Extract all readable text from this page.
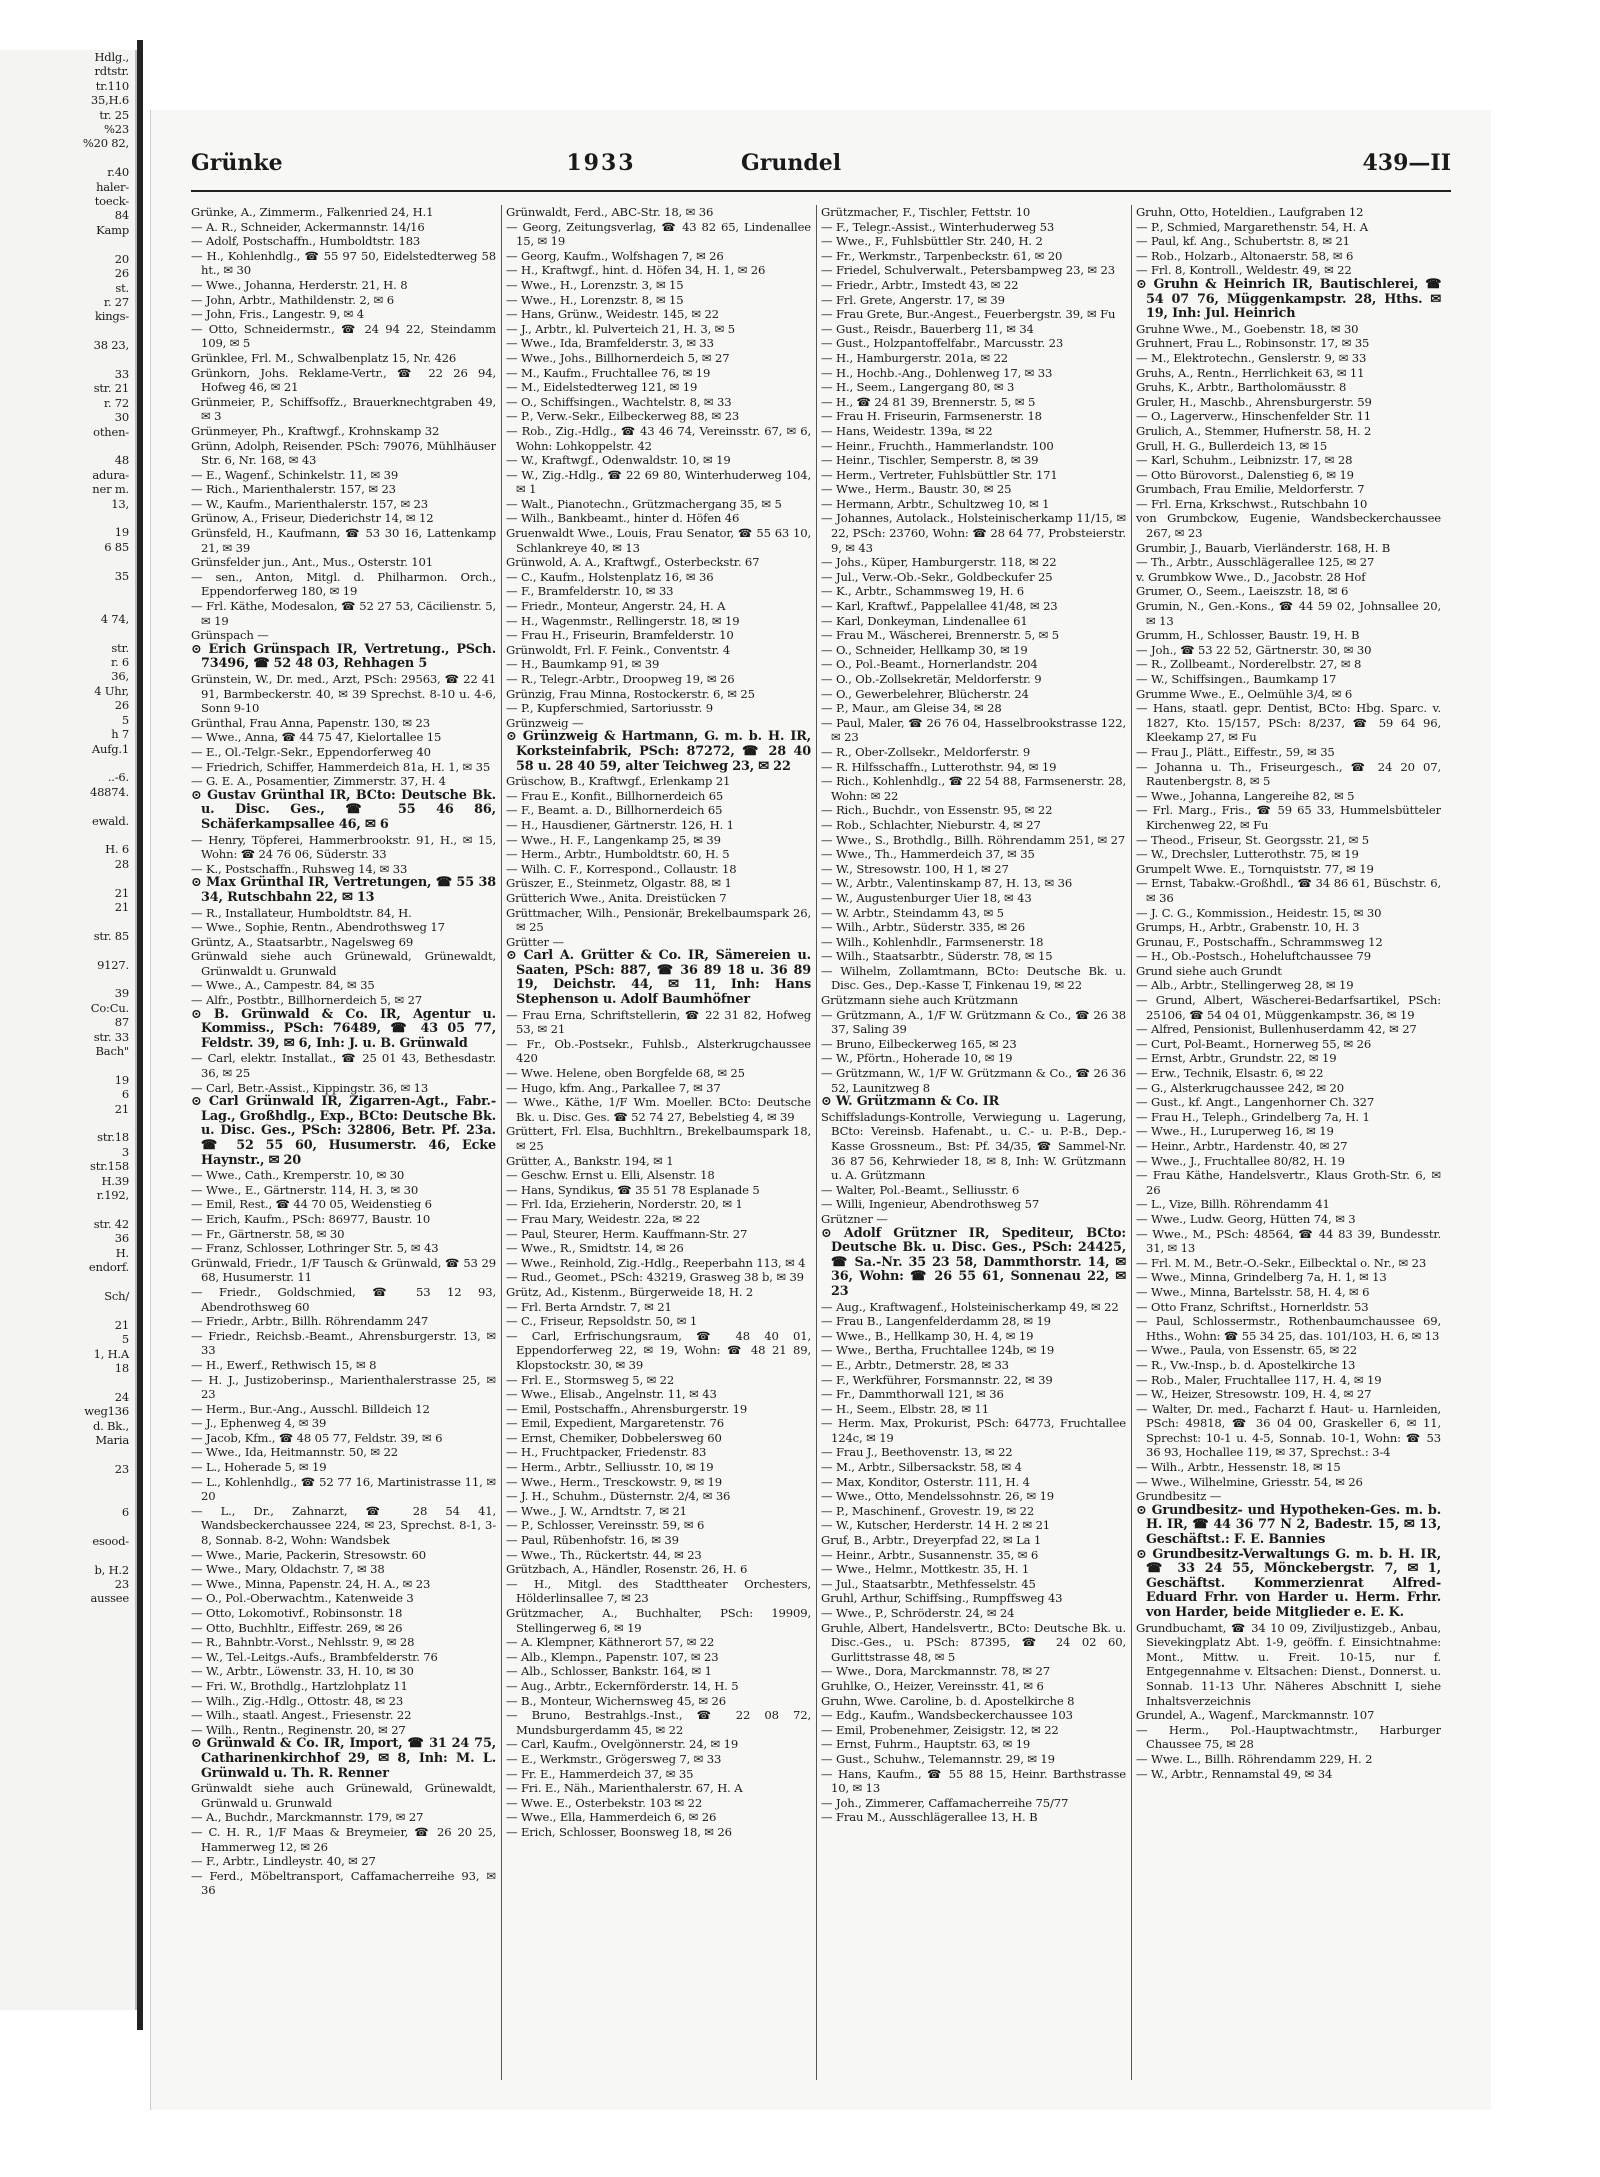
Hdlg.,
rdtstr.
tr.110
35,H.6
tr. 25
%23
%20 82,

r.40
haler-
toeck-
84
Kamp

20
26
st.
r. 27
kings-

38 23,

33
str. 21
r. 72
30
othen-

48
adura-
ner m.
13,

19
6 85

35

4 74,

str.
r. 6
36,
4 Uhr,
26
5
h 7
Aufg.1

..-6.
48874.

ewald.

H. 6
28

21
21

str. 85

9127.

39
Co:Cu.
87
str. 33
Bach"

19
6
21

str.18
3
str.158
H.39
r.192,

str. 42
36
H.
endorf.

Sch/

21
5
1, H.A
18

24
weg136
d. Bk.,
Maria

23

6

esood-

b, H.2
23
aussee
Grünke	1933	Grundel	439—II
Grünke, A., Zimmerm., Falkenried 24, H.1
— A. R., Schneider, Ackermannstr. 14/16
— Adolf, Postschaffn., Humboldtstr. 183
— H., Kohlenhdlg., ☎ 55 97 50, Eidelstedterweg 58 ht., ✉ 30
— Wwe., Johanna, Herderstr. 21, H. 8
— John, Arbtr., Mathildenstr. 2, ✉ 6
— John, Fris., Langestr. 9, ✉ 4
— Otto, Schneidermstr., ☎ 24 94 22, Steindamm 109, ✉ 5
Grünklee, Frl. M., Schwalbenplatz 15, Nr. 426
Grünkorn, Johs. Reklame-Vertr., ☎ 22 26 94, Hofweg 46, ✉ 21
Grünmeier, P., Schiffsoffz., Brauerknechtgraben 49, ✉ 3
Grünmeyer, Ph., Kraftwgf., Krohnskamp 32
Grünn, Adolph, Reisender. PSch: 79076, Mühlhäuser Str. 6, Nr. 168, ✉ 43
— E., Wagenf., Schinkelstr. 11, ✉ 39
— Rich., Marienthalerstr. 157, ✉ 23
— W., Kaufm., Marienthalerstr. 157, ✉ 23
Grünow, A., Friseur, Diederichstr 14, ✉ 12
Grünsfeld, H., Kaufmann, ☎ 53 30 16, Lattenkamp 21, ✉ 39
Grünsfelder jun., Ant., Mus., Osterstr. 101
— sen., Anton, Mitgl. d. Philharmon. Orch., Eppendorferweg 180, ✉ 19
— Frl. Käthe, Modesalon, ☎ 52 27 53, Cäcilienstr. 5, ✉ 19
Grünspach —
⊙ Erich Grünspach IR, Vertretung., PSch. 73496, ☎ 52 48 03, Rehhagen 5
Grünstein, W., Dr. med., Arzt, PSch: 29563, ☎ 22 41 91, Barmbeckerstr. 40, ✉ 39 Sprechst. 8-10 u. 4-6, Sonn 9-10
Grünthal, Frau Anna, Papenstr. 130, ✉ 23
— Wwe., Anna, ☎ 44 75 47, Kielortallee 15
— E., Ol.-Telgr.-Sekr., Eppendorferweg 40
— Friedrich, Schiffer, Hammerdeich 81a, H. 1, ✉ 35
— G. E. A., Posamentier, Zimmerstr. 37, H. 4
⊙ Gustav Grünthal IR, BCto: Deutsche Bk. u. Disc. Ges., ☎ 55 46 86, Schäferkampsallee 46, ✉ 6
— Henry, Töpferei, Hammerbrookstr. 91, H., ✉ 15, Wohn: ☎ 24 76 06, Süderstr. 33
— K., Postschaffn., Ruhsweg 14, ✉ 33
⊙ Max Grünthal IR, Vertretungen, ☎ 55 38 34, Rutschbahn 22, ✉ 13
— R., Installateur, Humboldtstr. 84, H.
— Wwe., Sophie, Rentn., Abendrothsweg 17
Grüntz, A., Staatsarbtr., Nagelsweg 69
Grünwald siehe auch Grünewald, Grünewaldt, Grünwaldt u. Grunwald
— Wwe., A., Campestr. 84, ✉ 35
— Alfr., Postbtr., Billhornerdeich 5, ✉ 27
⊙ B. Grünwald & Co. IR, Agentur u. Kommiss., PSch: 76489, ☎ 43 05 77, Feldstr. 39, ✉ 6, Inh: J. u. B. Grünwald
— Carl, elektr. Installat., ☎ 25 01 43, Bethesdastr. 36, ✉ 25
— Carl, Betr.-Assist., Kippingstr. 36, ✉ 13
⊙ Carl Grünwald IR, Zigarren-Agt., Fabr.-Lag., Großhdlg., Exp., BCto: Deutsche Bk. u. Disc. Ges., PSch: 32806, Betr. Pf. 23a. ☎ 52 55 60, Husumerstr. 46, Ecke Haynstr., ✉ 20
— Wwe., Cath., Kremperstr. 10, ✉ 30
— Wwe., E., Gärtnerstr. 114, H. 3, ✉ 30
— Emil, Rest., ☎ 44 70 05, Weidenstieg 6
— Erich, Kaufm., PSch: 86977, Baustr. 10
— Fr., Gärtnerstr. 58, ✉ 30
— Franz, Schlosser, Lothringer Str. 5, ✉ 43
Grünwald, Friedr., 1/F Tausch & Grünwald, ☎ 53 29 68, Husumerstr. 11
— Friedr., Goldschmied, ☎ 53 12 93, Abendrothsweg 60
— Friedr., Arbtr., Billh. Röhrendamm 247
— Friedr., Reichsb.-Beamt., Ahrensburgerstr. 13, ✉ 33
— H., Ewerf., Rethwisch 15, ✉ 8
— H. J., Justizoberinsp., Marienthalerstrasse 25, ✉ 23
— Herm., Bur.-Ang., Ausschl. Billdeich 12
— J., Ephenweg 4, ✉ 39
— Jacob, Kfm., ☎ 48 05 77, Feldstr. 39, ✉ 6
— Wwe., Ida, Heitmannstr. 50, ✉ 22
— L., Hoherade 5, ✉ 19
— L., Kohlenhdlg., ☎ 52 77 16, Martinistrasse 11, ✉ 20
— L., Dr., Zahnarzt, ☎ 28 54 41, Wandsbeckerchaussee 224, ✉ 23, Sprechst. 8-1, 3-8, Sonnab. 8-2, Wohn: Wandsbek
— Wwe., Marie, Packerin, Stresowstr. 60
— Wwe., Mary, Oldachstr. 7, ✉ 38
— Wwe., Minna, Papenstr. 24, H. A., ✉ 23
— O., Pol.-Oberwachtm., Katenweide 3
— Otto, Lokomotivf., Robinsonstr. 18
— Otto, Buchhltr., Eiffestr. 269, ✉ 26
— R., Bahnbtr.-Vorst., Nehlsstr. 9, ✉ 28
— W., Tel.-Leitgs.-Aufs., Brambfelderstr. 76
— W., Arbtr., Löwenstr. 33, H. 10, ✉ 30
— Fri. W., Brothdlg., Hartzlohplatz 11
— Wilh., Zig.-Hdlg., Ottostr. 48, ✉ 23
— Wilh., staatl. Angest., Friesenstr. 22
— Wilh., Rentn., Reginenstr. 20, ✉ 27
⊙ Grünwald & Co. IR, Import, ☎ 31 24 75, Catharinenkirchhof 29, ✉ 8, Inh: M. L. Grünwald u. Th. R. Renner
Grünwaldt siehe auch Grünewald, Grünewaldt, Grünwald u. Grunwald
— A., Buchdr., Marckmannstr. 179, ✉ 27
— C. H. R., 1/F Maas & Breymeier, ☎ 26 20 25, Hammerweg 12, ✉ 26
— F., Arbtr., Lindleystr. 40, ✉ 27
— Ferd., Möbeltransport, Caffamacherreihe 93, ✉ 36
Grünwaldt, Ferd., ABC-Str. 18, ✉ 36
— Georg, Zeitungsverlag, ☎ 43 82 65, Lindenallee 15, ✉ 19
— Georg, Kaufm., Wolfshagen 7, ✉ 26
— H., Kraftwgf., hint. d. Höfen 34, H. 1, ✉ 26
— Wwe., H., Lorenzstr. 3, ✉ 15
— Wwe., H., Lorenzstr. 8, ✉ 15
— Hans, Grünw., Weidestr. 145, ✉ 22
— J., Arbtr., kl. Pulverteich 21, H. 3, ✉ 5
— Wwe., Ida, Bramfelderstr. 3, ✉ 33
— Wwe., Johs., Billhornerdeich 5, ✉ 27
— M., Kaufm., Fruchtallee 76, ✉ 19
— M., Eidelstedterweg 121, ✉ 19
— O., Schiffsingen., Wachtelstr. 8, ✉ 33
— P., Verw.-Sekr., Eilbeckerweg 88, ✉ 23
— Rob., Zig.-Hdlg., ☎ 43 46 74, Vereinsstr. 67, ✉ 6, Wohn: Lohkoppelstr. 42
— W., Kraftwgf., Odenwaldstr. 10, ✉ 19
— W., Zig.-Hdlg., ☎ 22 69 80, Winterhuderweg 104, ✉ 1
— Walt., Pianotechn., Grützmachergang 35, ✉ 5
— Wilh., Bankbeamt., hinter d. Höfen 46
Gruenwaldt Wwe., Louis, Frau Senator, ☎ 55 63 10, Schlankreye 40, ✉ 13
Grünwold, A. A., Kraftwgf., Osterbeckstr. 67
— C., Kaufm., Holstenplatz 16, ✉ 36
— F., Bramfelderstr. 10, ✉ 33
— Friedr., Monteur, Angerstr. 24, H. A
— H., Wagenmstr., Rellingerstr. 18, ✉ 19
— Frau H., Friseurin, Bramfelderstr. 10
Grünwoldt, Frl. F. Feink., Conventstr. 4
— H., Baumkamp 91, ✉ 39
— R., Telegr.-Arbtr., Droopweg 19, ✉ 26
Grünzig, Frau Minna, Rostockerstr. 6, ✉ 25
— P., Kupferschmied, Sartoriusstr. 9
Grünzweig —
⊙ Grünzweig & Hartmann, G. m. b. H. IR, Korksteinfabrik, PSch: 87272, ☎ 28 40 58 u. 28 40 59, alter Teichweg 23, ✉ 22
Grüschow, B., Kraftwgf., Erlenkamp 21
— Frau E., Konfit., Billhornerdeich 65
— F., Beamt. a. D., Billhornerdeich 65
— H., Hausdiener, Gärtnerstr. 126, H. 1
— Wwe., H. F., Langenkamp 25, ✉ 39
— Herm., Arbtr., Humboldtstr. 60, H. 5
— Wilh. C. F., Korrespond., Collaustr. 18
Grüszer, E., Steinmetz, Olgastr. 88, ✉ 1
Grütterich Wwe., Anita. Dreistücken 7
Grüttmacher, Wilh., Pensionär, Brekelbaumspark 26, ✉ 25
Grütter —
⊙ Carl A. Grütter & Co. IR, Sämereien u. Saaten, PSch: 887, ☎ 36 89 18 u. 36 89 19, Deichstr. 44, ✉ 11, Inh: Hans Stephenson u. Adolf Baumhöfner
— Frau Erna, Schriftstellerin, ☎ 22 31 82, Hofweg 53, ✉ 21
— Fr., Ob.-Postsekr., Fuhlsb., Alsterkrugchaussee 420
— Wwe. Helene, oben Borgfelde 68, ✉ 25
— Hugo, kfm. Ang., Parkallee 7, ✉ 37
— Wwe., Käthe, 1/F Wm. Moeller. BCto: Deutsche Bk. u. Disc. Ges. ☎ 52 74 27, Bebelstieg 4, ✉ 39
Grüttert, Frl. Elsa, Buchhltrn., Brekelbaumspark 18, ✉ 25
Grütter, A., Bankstr. 194, ✉ 1
— Geschw. Ernst u. Elli, Alsenstr. 18
— Hans, Syndikus, ☎ 35 51 78 Esplanade 5
— Frl. Ida, Erzieherin, Norderstr. 20, ✉ 1
— Frau Mary, Weidestr. 22a, ✉ 22
— Paul, Steurer, Herm. Kauffmann-Str. 27
— Wwe., R., Smidtstr. 14, ✉ 26
— Wwe., Reinhold, Zig.-Hdlg., Reeperbahn 113, ✉ 4
— Rud., Geomet., PSch: 43219, Grasweg 38 b, ✉ 39
Grütz, Ad., Kistenm., Bürgerweide 18, H. 2
— Frl. Berta Arndstr. 7, ✉ 21
— C., Friseur, Repsoldstr. 50, ✉ 1
— Carl, Erfrischungsraum, ☎ 48 40 01, Eppendorferweg 22, ✉ 19, Wohn: ☎ 48 21 89, Klopstockstr. 30, ✉ 39
— Frl. E., Stormsweg 5, ✉ 22
— Wwe., Elisab., Angelnstr. 11, ✉ 43
— Emil, Postschaffn., Ahrensburgerstr. 19
— Emil, Expedient, Margaretenstr. 76
— Ernst, Chemiker, Dobbelersweg 60
— H., Fruchtpacker, Friedenstr. 83
— Herm., Arbtr., Selliusstr. 10, ✉ 19
— Wwe., Herm., Tresckowstr. 9, ✉ 19
— J. H., Schuhm., Düsternstr. 2/4, ✉ 36
— Wwe., J. W., Arndtstr. 7, ✉ 21
— P., Schlosser, Vereinsstr. 59, ✉ 6
— Paul, Rübenhofstr. 16, ✉ 39
— Wwe., Th., Rückertstr. 44, ✉ 23
Grützbach, A., Händler, Rosenstr. 26, H. 6
— H., Mitgl. des Stadttheater Orchesters, Hölderlinsallee 7, ✉ 23
Grützmacher, A., Buchhalter, PSch: 19909, Stellingerweg 6, ✉ 19
— A. Klempner, Käthnerort 57, ✉ 22
— Alb., Klempn., Papenstr. 107, ✉ 23
— Alb., Schlosser, Bankstr. 164, ✉ 1
— Aug., Arbtr., Eckernförderstr. 14, H. 5
— B., Monteur, Wichernsweg 45, ✉ 26
— Bruno, Bestrahlgs.-Inst., ☎ 22 08 72, Mundsburgerdamm 45, ✉ 22
— Carl, Kaufm., Ovelgönnerstr. 24, ✉ 19
— E., Werkmstr., Grögersweg 7, ✉ 33
— Fr. E., Hammerdeich 37, ✉ 35
— Fri. E., Näh., Marienthalerstr. 67, H. A
— Wwe. E., Osterbekstr. 103 ✉ 22
— Wwe., Ella, Hammerdeich 6, ✉ 26
— Erich, Schlosser, Boonsweg 18, ✉ 26
Grützmacher, F., Tischler, Fettstr. 10
— F., Telegr.-Assist., Winterhuderweg 53
— Wwe., F., Fuhlsbüttler Str. 240, H. 2
— Fr., Werkmstr., Tarpenbeckstr. 61, ✉ 20
— Friedel, Schulverwalt., Petersbampweg 23, ✉ 23
— Friedr., Arbtr., Imstedt 43, ✉ 22
— Frl. Grete, Angerstr. 17, ✉ 39
— Frau Grete, Bur.-Angest., Feuerbergstr. 39, ✉ Fu
— Gust., Reisdr., Bauerberg 11, ✉ 34
— Gust., Holzpantoffelfabr., Marcusstr. 23
— H., Hamburgerstr. 201a, ✉ 22
— H., Hochb.-Ang., Dohlenweg 17, ✉ 33
— H., Seem., Langergang 80, ✉ 3
— H., ☎ 24 81 39, Brennerstr. 5, ✉ 5
— Frau H. Friseurin, Farmsenerstr. 18
— Hans, Weidestr. 139a, ✉ 22
— Heinr., Fruchth., Hammerlandstr. 100
— Heinr., Tischler, Semperstr. 8, ✉ 39
— Herm., Vertreter, Fuhlsbüttler Str. 171
— Wwe., Herm., Baustr. 30, ✉ 25
— Hermann, Arbtr., Schultzweg 10, ✉ 1
— Johannes, Autolack., Holsteinischerkamp 11/15, ✉ 22, PSch: 23760, Wohn: ☎ 28 64 77, Probsteierstr. 9, ✉ 43
— Johs., Küper, Hamburgerstr. 118, ✉ 22
— Jul., Verw.-Ob.-Sekr., Goldbeckufer 25
— K., Arbtr., Schammsweg 19, H. 6
— Karl, Kraftwf., Pappelallee 41/48, ✉ 23
— Karl, Donkeyman, Lindenallee 61
— Frau M., Wäscherei, Brennerstr. 5, ✉ 5
— O., Schneider, Hellkamp 30, ✉ 19
— O., Pol.-Beamt., Hornerlandstr. 204
— O., Ob.-Zollsekretär, Meldorferstr. 9
— O., Gewerbelehrer, Blücherstr. 24
— P., Maur., am Gleise 34, ✉ 28
— Paul, Maler, ☎ 26 76 04, Hasselbrookstrasse 122, ✉ 23
— R., Ober-Zollsekr., Meldorferstr. 9
— R. Hilfsschaffn., Lutterothstr. 94, ✉ 19
— Rich., Kohlenhdlg., ☎ 22 54 88, Farmsenerstr. 28, Wohn: ✉ 22
— Rich., Buchdr., von Essenstr. 95, ✉ 22
— Rob., Schlachter, Nieburstr. 4, ✉ 27
— Wwe., S., Brothdlg., Billh. Röhrendamm 251, ✉ 27
— Wwe., Th., Hammerdeich 37, ✉ 35
— W., Stresowstr. 100, H 1, ✉ 27
— W., Arbtr., Valentinskamp 87, H. 13, ✉ 36
— W., Augustenburger Uier 18, ✉ 43
— W. Arbtr., Steindamm 43, ✉ 5
— Wilh., Arbtr., Süderstr. 335, ✉ 26
— Wilh., Kohlenhdlr., Farmsenerstr. 18
— Wilh., Staatsarbtr., Süderstr. 78, ✉ 15
— Wilhelm, Zollamtmann, BCto: Deutsche Bk. u. Disc. Ges., Dep.-Kasse T, Finkenau 19, ✉ 22
Grützmann siehe auch Krützmann
— Grützmann, A., 1/F W. Grützmann & Co., ☎ 26 38 37, Saling 39
— Bruno, Eilbeckerweg 165, ✉ 23
— W., Pförtn., Hoherade 10, ✉ 19
— Grützmann, W., 1/F W. Grützmann & Co., ☎ 26 36 52, Launitzweg 8
⊙ W. Grützmann & Co. IR
Schiffsladungs-Kontrolle, Verwiegung u. Lagerung, BCto: Vereinsb. Hafenabt., u. C.- u. P.-B., Dep.-Kasse Grossneum., Bst: Pf. 34/35, ☎ Sammel-Nr. 36 87 56, Kehrwieder 18, ✉ 8, Inh: W. Grützmann u. A. Grützmann
— Walter, Pol.-Beamt., Selliusstr. 6
— Willi, Ingenieur, Abendrothsweg 57
Grützner —
⊙ Adolf Grützner IR, Spediteur, BCto: Deutsche Bk. u. Disc. Ges., PSch: 24425, ☎ Sa.-Nr. 35 23 58, Dammthorstr. 14, ✉ 36, Wohn: ☎ 26 55 61, Sonnenau 22, ✉ 23
— Aug., Kraftwagenf., Holsteinischerkamp 49, ✉ 22
— Frau B., Langenfelderdamm 28, ✉ 19
— Wwe., B., Hellkamp 30, H. 4, ✉ 19
— Wwe., Bertha, Fruchtallee 124b, ✉ 19
— E., Arbtr., Detmerstr. 28, ✉ 33
— F., Werkführer, Forsmannstr. 22, ✉ 39
— Fr., Dammthorwall 121, ✉ 36
— H., Seem., Elbstr. 28, ✉ 11
— Herm. Max, Prokurist, PSch: 64773, Fruchtallee 124c, ✉ 19
— Frau J., Beethovenstr. 13, ✉ 22
— M., Arbtr., Silbersackstr. 58, ✉ 4
— Max, Konditor, Osterstr. 111, H. 4
— Wwe., Otto, Mendelssohnstr. 26, ✉ 19
— P., Maschinenf., Grovestr. 19, ✉ 22
— W., Kutscher, Herderstr. 14 H. 2 ✉ 21
Gruf, B., Arbtr., Dreyerpfad 22, ✉ La 1
— Heinr., Arbtr., Susannenstr. 35, ✉ 6
— Wwe., Helmr., Mottkestr. 35, H. 1
— Jul., Staatsarbtr., Methfesselstr. 45
Gruhl, Arthur, Schiffsing., Rumpffsweg 43
— Wwe., P., Schröderstr. 24, ✉ 24
Gruhle, Albert, Handelsvertr., BCto: Deutsche Bk. u. Disc.-Ges., u. PSch: 87395, ☎ 24 02 60, Gurlittstrasse 48, ✉ 5
— Wwe., Dora, Marckmannstr. 78, ✉ 27
Gruhlke, O., Heizer, Vereinsstr. 41, ✉ 6
Gruhn, Wwe. Caroline, b. d. Apostelkirche 8
— Edg., Kaufm., Wandsbeckerchaussee 103
— Emil, Probenehmer, Zeisigstr. 12, ✉ 22
— Ernst, Fuhrm., Hauptstr. 63, ✉ 19
— Gust., Schuhw., Telemannstr. 29, ✉ 19
— Hans, Kaufm., ☎ 55 88 15, Heinr. Barthstrasse 10, ✉ 13
— Joh., Zimmerer, Caffamacherreihe 75/77
— Frau M., Ausschlägerallee 13, H. B
Gruhn, Otto, Hoteldien., Laufgraben 12
— P., Schmied, Margarethenstr. 54, H. A
— Paul, kf. Ang., Schubertstr. 8, ✉ 21
— Rob., Holzarb., Altonaerstr. 58, ✉ 6
— Frl. 8, Kontroll., Weldestr. 49, ✉ 22
⊙ Gruhn & Heinrich IR, Bautischlerei, ☎ 54 07 76, Müggenkampstr. 28, Hths. ✉ 19, Inh: Jul. Heinrich
Gruhne Wwe., M., Goebenstr. 18, ✉ 30
Gruhnert, Frau L., Robinsonstr. 17, ✉ 35
— M., Elektrotechn., Genslerstr. 9, ✉ 33
Gruhs, A., Rentn., Herrlichkeit 63, ✉ 11
Gruhs, K., Arbtr., Bartholomäusstr. 8
Gruler, H., Maschb., Ahrensburgerstr. 59
— O., Lagerverw., Hinschenfelder Str. 11
Grulich, A., Stemmer, Hufnerstr. 58, H. 2
Grull, H. G., Bullerdeich 13, ✉ 15
— Karl, Schuhm., Leibnizstr. 17, ✉ 28
— Otto Bürovorst., Dalenstieg 6, ✉ 19
Grumbach, Frau Emilie, Meldorferstr. 7
— Frl. Erna, Krkschwst., Rutschbahn 10
von Grumbckow, Eugenie, Wandsbeckerchaussee 267, ✉ 23
Grumbir, J., Bauarb, Vierländerstr. 168, H. B
— Th., Arbtr., Ausschlägerallee 125, ✉ 27
v. Grumbkow Wwe., D., Jacobstr. 28 Hof
Grumer, O., Seem., Laeiszstr. 18, ✉ 6
Grumin, N., Gen.-Kons., ☎ 44 59 02, Johnsallee 20, ✉ 13
Grumm, H., Schlosser, Baustr. 19, H. B
— Joh., ☎ 53 22 52, Gärtnerstr. 30, ✉ 30
— R., Zollbeamt., Norderelbstr. 27, ✉ 8
— W., Schiffsingen., Baumkamp 17
Grumme Wwe., E., Oelmühle 3/4, ✉ 6
— Hans, staatl. gepr. Dentist, BCto: Hbg. Sparc. v. 1827, Kto. 15/157, PSch: 8/237, ☎ 59 64 96, Kleekamp 27, ✉ Fu
— Frau J., Plätt., Eiffestr., 59, ✉ 35
— Johanna u. Th., Friseurgesch., ☎ 24 20 07, Rautenbergstr. 8, ✉ 5
— Wwe., Johanna, Langereihe 82, ✉ 5
— Frl. Marg., Fris., ☎ 59 65 33, Hummelsbütteler Kirchenweg 22, ✉ Fu
— Theod., Friseur, St. Georgsstr. 21, ✉ 5
— W., Drechsler, Lutterothstr. 75, ✉ 19
Grumpelt Wwe. E., Tornquiststr. 77, ✉ 19
— Ernst, Tabakw.-Großhdl., ☎ 34 86 61, Büschstr. 6, ✉ 36
— J. C. G., Kommission., Heidestr. 15, ✉ 30
Grumps, H., Arbtr., Grabenstr. 10, H. 3
Grunau, F., Postschaffn., Schrammsweg 12
— H., Ob.-Postsch., Hoheluftchaussee 79
Grund siehe auch Grundt
— Alb., Arbtr., Stellingerweg 28, ✉ 19
— Grund, Albert, Wäscherei-Bedarfsartikel, PSch: 25106, ☎ 54 04 01, Müggenkampstr. 36, ✉ 19
— Alfred, Pensionist, Bullenhuserdamm 42, ✉ 27
— Curt, Pol-Beamt., Hornerweg 55, ✉ 26
— Ernst, Arbtr., Grundstr. 22, ✉ 19
— Erw., Technik, Elsastr. 6, ✉ 22
— G., Alsterkrugchaussee 242, ✉ 20
— Gust., kf. Angt., Langenhorner Ch. 327
— Frau H., Teleph., Grindelberg 7a, H. 1
— Wwe., H., Luruperweg 16, ✉ 19
— Heinr., Arbtr., Hardenstr. 40, ✉ 27
— Wwe., J., Fruchtallee 80/82, H. 19
— Frau Käthe, Handelsvertr., Klaus Groth-Str. 6, ✉ 26
— L., Vize, Billh. Röhrendamm 41
— Wwe., Ludw. Georg, Hütten 74, ✉ 3
— Wwe., M., PSch: 48564, ☎ 44 83 39, Bundesstr. 31, ✉ 13
— Frl. M. M., Betr.-O.-Sekr., Eilbecktal o. Nr., ✉ 23
— Wwe., Minna, Grindelberg 7a, H. 1, ✉ 13
— Wwe., Minna, Bartelsstr. 58, H. 4, ✉ 6
— Otto Franz, Schriftst., Hornerldstr. 53
— Paul, Schlossermstr., Rothenbaumchaussee 69, Hths., Wohn: ☎ 55 34 25, das. 101/103, H. 6, ✉ 13
— Wwe., Paula, von Essenstr. 65, ✉ 22
— R., Vw.-Insp., b. d. Apostelkirche 13
— Rob., Maler, Fruchtallee 117, H. 4, ✉ 19
— W., Heizer, Stresowstr. 109, H. 4, ✉ 27
— Walter, Dr. med., Facharzt f. Haut- u. Harnleiden, PSch: 49818, ☎ 36 04 00, Graskeller 6, ✉ 11, Sprechst: 10-1 u. 4-5, Sonnab. 10-1, Wohn: ☎ 53 36 93, Hochallee 119, ✉ 37, Sprechst.: 3-4
— Wilh., Arbtr., Hessenstr. 18, ✉ 15
— Wwe., Wilhelmine, Griesstr. 54, ✉ 26
Grundbesitz —
⊙ Grundbesitz- und Hypotheken-Ges. m. b. H. IR, ☎ 44 36 77 N 2, Badestr. 15, ✉ 13, Geschäftst.: F. E. Bannies
⊙ Grundbesitz-Verwaltungs G. m. b. H. IR, ☎ 33 24 55, Mönckebergstr. 7, ✉ 1, Geschäftst. Kommerzienrat Alfred-Eduard Frhr. von Harder u. Herm. Frhr. von Harder, beide Mitglieder e. E. K.
Grundbuchamt, ☎ 34 10 09, Ziviljustizgeb., Anbau, Sievekingplatz Abt. 1-9, geöffn. f. Einsichtnahme: Mont., Mittw. u. Freit. 10-15, nur f. Entgegennahme v. Eltsachen: Dienst., Donnerst. u. Sonnab. 11-13 Uhr. Näheres Abschnitt I, siehe Inhaltsverzeichnis
Grundel, A., Wagenf., Marckmannstr. 107
— Herm., Pol.-Hauptwachtmstr., Harburger Chaussee 75, ✉ 28
— Wwe. L., Billh. Röhrendamm 229, H. 2
— W., Arbtr., Rennamstal 49, ✉ 34
